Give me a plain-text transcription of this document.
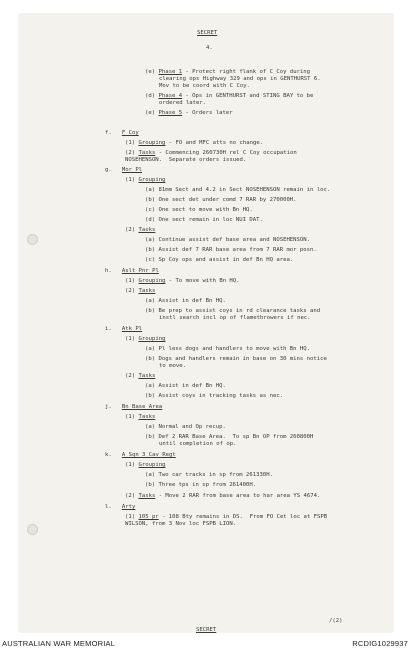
SECRET
4.
(e) Phase 1 - Protect right flank of C Coy during
clearing ops Highway 329 and ops in GENTHURST 6.
Mov to be coord with C Coy.
(d) Phase 4 - Ops in GENTHURST and STING BAY to be
ordered later.
(e) Phase 5 - Orders later
f.   F Coy
(1) Grouping - FO and MFC atts no change.
(2) Tasks - Commencing 260730H rel C Coy occupation
NOSEHENSON.  Separate orders issued.
g.   Mor Pl
(1) Grouping
(a) 81mm Sect and 4.2 in Sect NOSEHENSON remain in loc.
(b) One sect det under comd 7 RAR by 270000H.
(c) One sect to move with Bn HQ.
(d) One sect remain in loc NUI DAT.
(2) Tasks
(a) Continue assist def base area and NOSEHENSON.
(b) Assist def 7 RAR base area from 7 RAR mor posn.
(c) Sp Coy ops and assist in def Bn HQ area.
h.   Aslt Pnr Pl
(1) Grouping - To move with Bn HQ.
(2) Tasks
(a) Assist in def Bn HQ.
(b) Be prep to assist coys in rd clearance tasks and
instl search incl op of flamethrowers if nec.
i.   Atk Pl
(1) Grouping
(a) Pl less dogs and handlers to move with Bn HQ.
(b) Dogs and handlers remain in base on 30 mins notice
to move.
(2) Tasks
(a) Assist in def Bn HQ.
(b) Assist coys in tracking tasks as nec.
j.   Bn Base Area
(1) Tasks
(a) Normal and Op recup.
(b) Def 2 RAR Base Area.  To sp Bn OP from 260800H
until completion of op.
k.   A Sqn 3 Cav Regt
(1) Grouping
(a) Two car tracks in sp from 261330H.
(b) Three tps in sp from 261400H.
(2) Tasks - Move 2 RAR from base area to har area YS 4674.
l.   Arty
(1) 105 pr - 108 Bty remains in DS.  From FO Cet loc at FSPB
WILSON, from 3 Nov loc FSPB LION.
/(2)
SECRET
AUSTRALIAN WAR MEMORIAL	RCDIG1029937
